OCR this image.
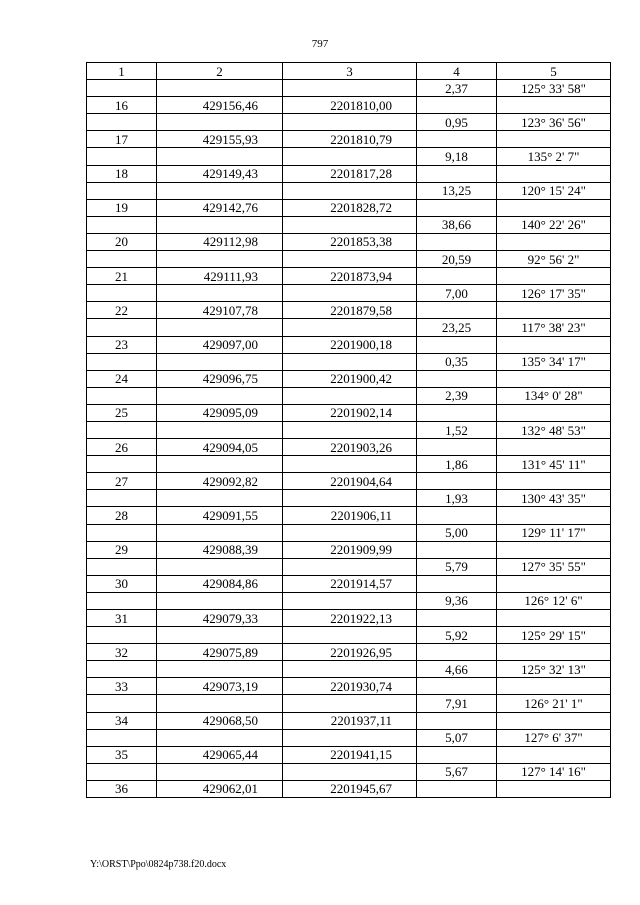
797
1	2	3	4	5
			2,37	125° 33' 58"
16	429156,46	2201810,00		
			0,95	123° 36' 56"
17	429155,93	2201810,79		
			9,18	135° 2' 7"
18	429149,43	2201817,28		
			13,25	120° 15' 24"
19	429142,76	2201828,72		
			38,66	140° 22' 26"
20	429112,98	2201853,38		
			20,59	92° 56' 2"
21	429111,93	2201873,94		
			7,00	126° 17' 35"
22	429107,78	2201879,58		
			23,25	117° 38' 23"
23	429097,00	2201900,18		
			0,35	135° 34' 17"
24	429096,75	2201900,42		
			2,39	134° 0' 28"
25	429095,09	2201902,14		
			1,52	132° 48' 53"
26	429094,05	2201903,26		
			1,86	131° 45' 11"
27	429092,82	2201904,64		
			1,93	130° 43' 35"
28	429091,55	2201906,11		
			5,00	129° 11' 17"
29	429088,39	2201909,99		
			5,79	127° 35' 55"
30	429084,86	2201914,57		
			9,36	126° 12' 6"
31	429079,33	2201922,13		
			5,92	125° 29' 15"
32	429075,89	2201926,95		
			4,66	125° 32' 13"
33	429073,19	2201930,74		
			7,91	126° 21' 1"
34	429068,50	2201937,11		
			5,07	127° 6' 37"
35	429065,44	2201941,15		
			5,67	127° 14' 16"
36	429062,01	2201945,67		
Y:\ORST\Ppo\0824p738.f20.docx
